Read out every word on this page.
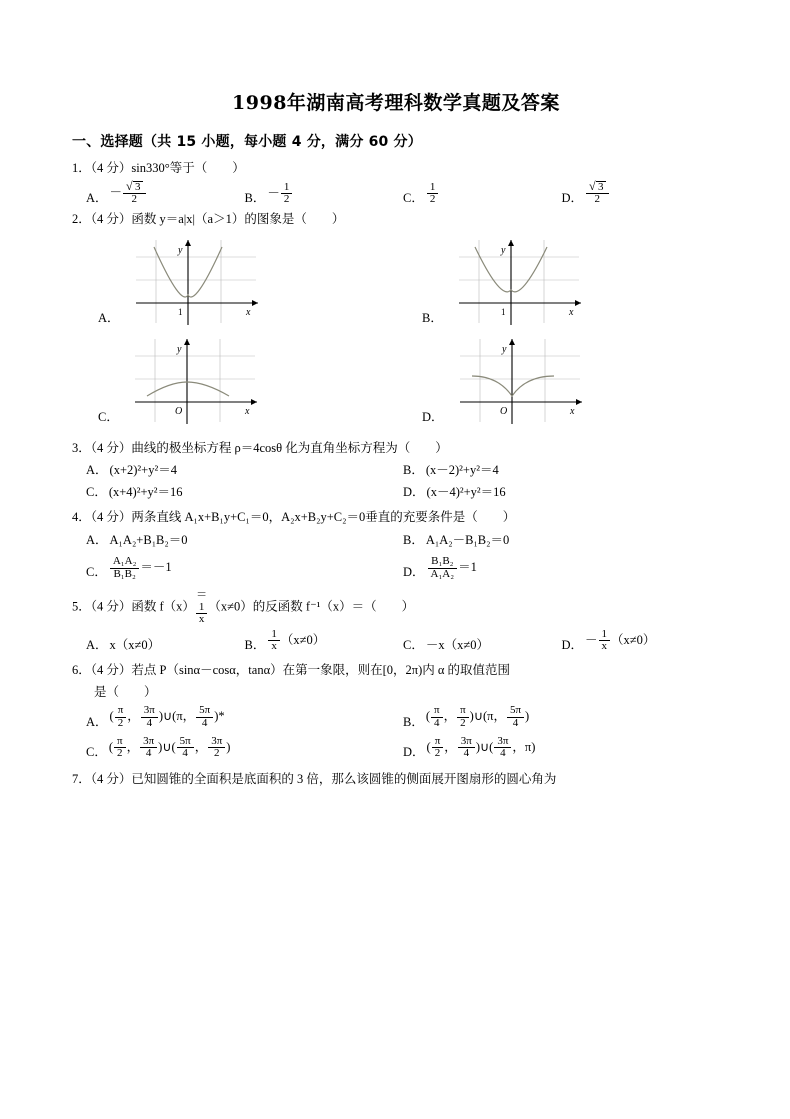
1998年湖南高考理科数学真题及答案
一、选择题（共 15 小题，每小题 4 分，满分 60 分）
1．（4 分）sin330°等于（　　）
A． － √ $\frac{3}{2}$	B． － $\frac{1}{2}$	C． $\frac{1}{2}$	D． √ $\frac{3}{2}$
2．（4 分）函数 y＝a|x|（a＞1）的图象是（　　）
A．
y
x
1	B．
y
x
1
C．
y
x
O	D．
y
x
O
3．（4 分）曲线的极坐标方程 ρ＝4cosθ 化为直角坐标方程为（　　）
A． (x+2)²+y²＝4	B． (x－2)²+y²＝4
C． (x+4)²+y²＝16	D． (x－4)²+y²＝16
4．（4 分）两条直线 A₁x+B₁y+C₁＝0，A₂x+B₂y+C₂＝0垂直的充要条件是（　　）
A． A₁A₂+B₁B₂＝0	B． A₁A₂－B₁B₂＝0
C． $\frac{\text{A₁A₂}}{\text{B₁B₂}} =-1$	D． $\frac{\text{B₁B₂}}{\text{A₁A₂}} =1$
5．（4 分）函数 f（x）＝
1
x
（x≠0）的反函数 f⁻¹（x）＝（　　）
A． x（x≠0）	B． $\frac{1}{x} (x\ne 0)$	C． －x（x≠0）	D． － $\frac{1}{x} (x\ne 0)$
6．（4 分）若点 P（sinα－cosα，tanα）在第一象限，则在[0，2π)内 α 的取值范围
是（　　）
A． ( $\frac{\pi}{2}$ ， $\frac{3\pi}{4}$ )∪(π， $\frac{5\pi}{4}$ )*	B． ( $\frac{\pi}{4}$ ， $\frac{\pi}{2}$ )∪(π， $\frac{5\pi}{4}$ )
C． ( $\frac{\pi}{2}$ ， $\frac{3\pi}{4}$ )∪( $\frac{5\pi}{4}$ ， $\frac{3\pi}{2}$ )	D． ( $\frac{\pi}{2}$ ， $\frac{3\pi}{4}$ )∪( $\frac{3\pi}{4}$ ，π)
7．（4 分）已知圆锥的全面积是底面积的 3 倍，那么该圆锥的侧面展开图扇形的圆心角为
